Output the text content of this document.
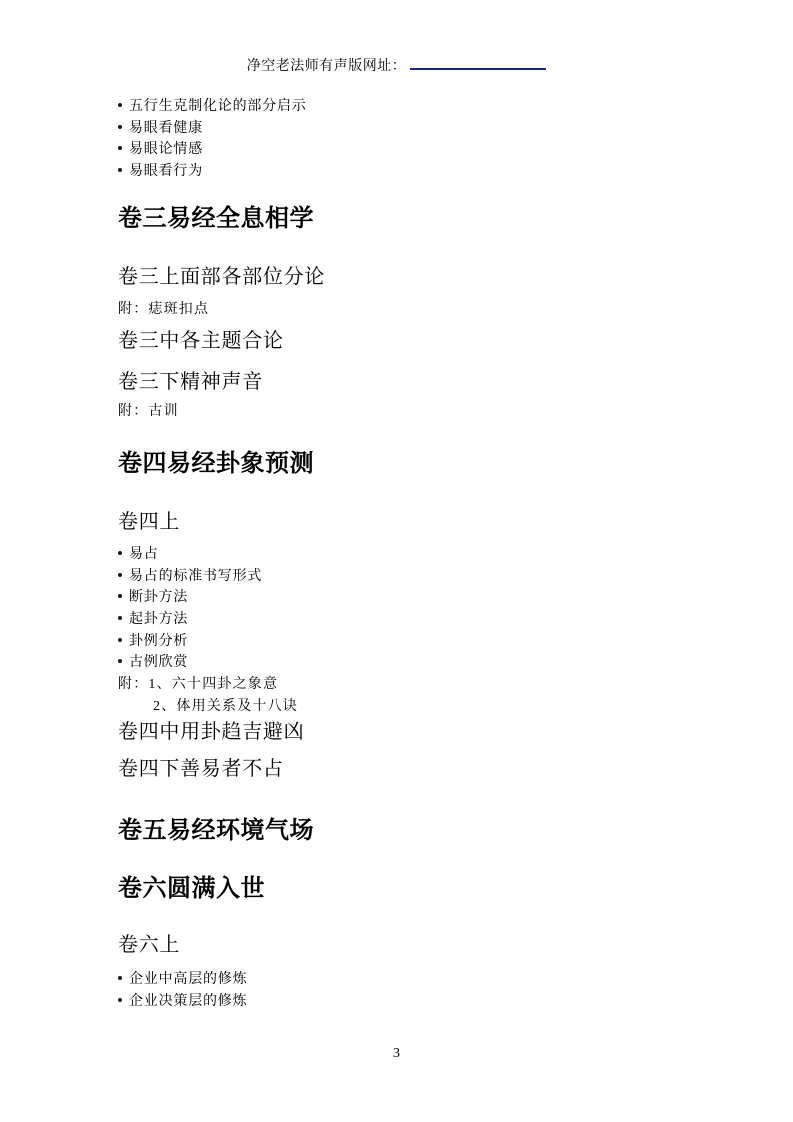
净空老法师有声版网址：
五行生克制化论的部分启示
易眼看健康
易眼论情感
易眼看行为
卷三易经全息相学
卷三上面部各部位分论
附：痣斑扣点
卷三中各主题合论
卷三下精神声音
附：古训
卷四易经卦象预测
卷四上
易占
易占的标准书写形式
断卦方法
起卦方法
卦例分析
古例欣赏
附：1、六十四卦之象意
2、体用关系及十八诀
卷四中用卦趋吉避凶
卷四下善易者不占
卷五易经环境气场
卷六圆满入世
卷六上
企业中高层的修炼
企业决策层的修炼
3
